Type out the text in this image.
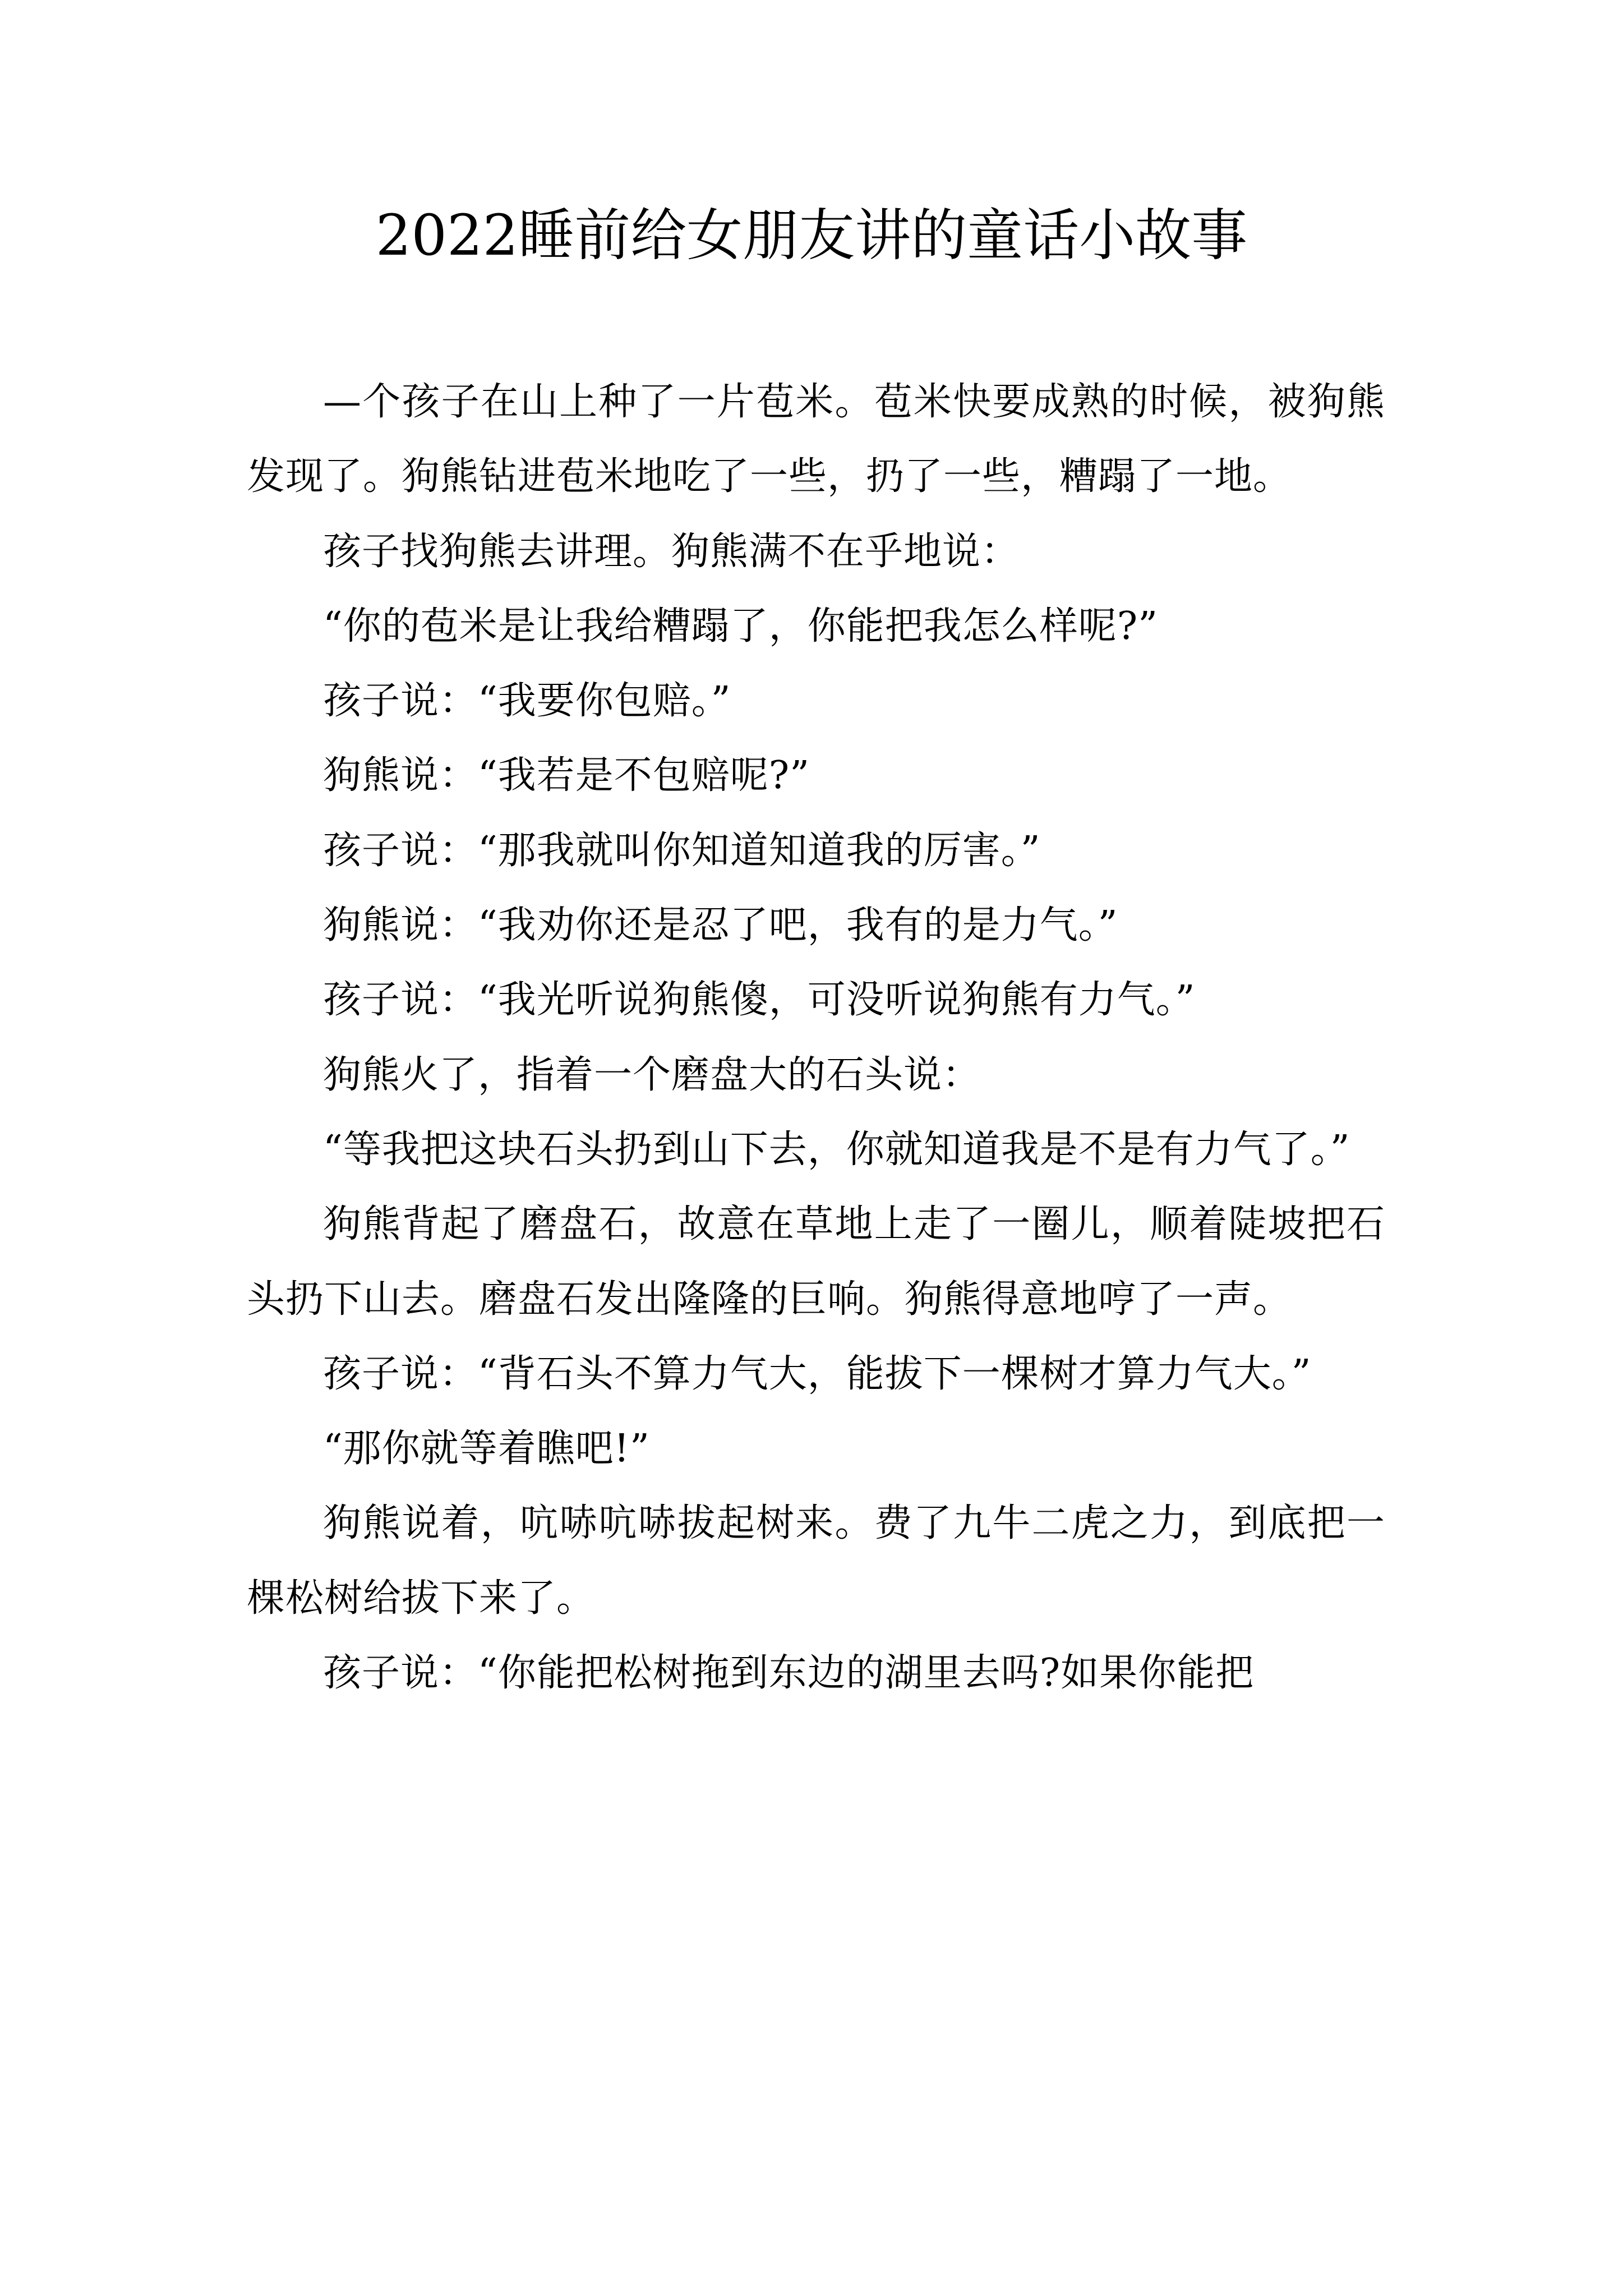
2022睡前给女朋友讲的童话小故事

—个孩子在山上种了一片苞米。苞米快要成熟的时候，被狗熊发现了。狗熊钻进苞米地吃了一些，扔了一些，糟蹋了一地。

孩子找狗熊去讲理。狗熊满不在乎地说：

“你的苞米是让我给糟蹋了，你能把我怎么样呢?”

孩子说：“我要你包赔。”

狗熊说：“我若是不包赔呢?”

孩子说：“那我就叫你知道知道我的厉害。”

狗熊说：“我劝你还是忍了吧，我有的是力气。”

孩子说：“我光听说狗熊傻，可没听说狗熊有力气。”

狗熊火了，指着一个磨盘大的石头说：

“等我把这块石头扔到山下去，你就知道我是不是有力气了。”

狗熊背起了磨盘石，故意在草地上走了一圈儿，顺着陡坡把石头扔下山去。磨盘石发出隆隆的巨响。狗熊得意地哼了一声。

孩子说：“背石头不算力气大，能拔下一棵树才算力气大。”

“那你就等着瞧吧!”

狗熊说着，吭哧吭哧拔起树来。费了九牛二虎之力，到底把一棵松树给拔下来了。

孩子说：“你能把松树拖到东边的湖里去吗?如果你能把
